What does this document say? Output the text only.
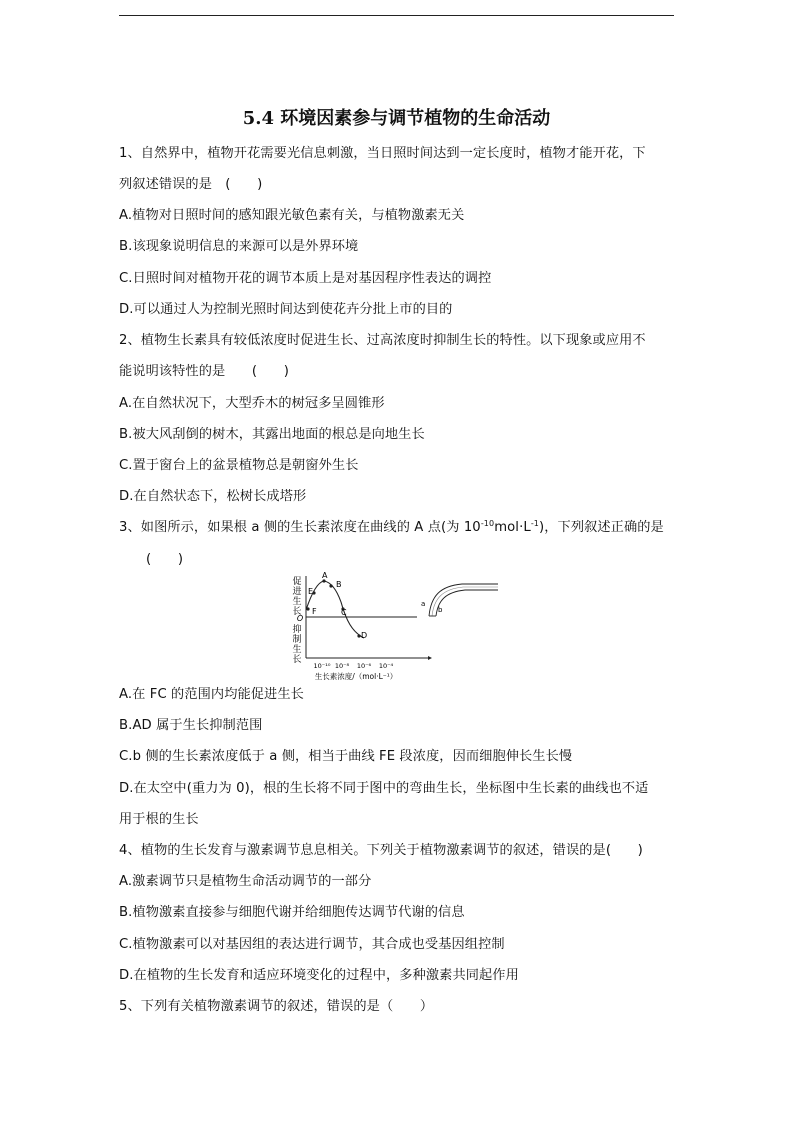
5.4 环境因素参与调节植物的生命活动
1、自然界中，植物开花需要光信息刺激，当日照时间达到一定长度时，植物才能开花，下
列叙述错误的是　(　　)
A.植物对日照时间的感知跟光敏色素有关，与植物激素无关
B.该现象说明信息的来源可以是外界环境
C.日照时间对植物开花的调节本质上是对基因程序性表达的调控
D.可以通过人为控制光照时间达到使花卉分批上市的目的
2、植物生长素具有较低浓度时促进生长、过高浓度时抑制生长的特性。以下现象或应用不
能说明该特性的是　　(　　)
A.在自然状况下，大型乔木的树冠多呈圆锥形
B.被大风刮倒的树木，其露出地面的根总是向地生长
C.置于窗台上的盆景植物总是朝窗外生长
D.在自然状态下，松树长成塔形
3、如图所示，如果根 a 侧的生长素浓度在曲线的 A 点(为 $10^{-10}mol\cdot L^{-1}$)，下列叙述正确的是
(　　)
促
进
生
长
抑
制
生
长
O
A
B
C
D
E
F
10⁻¹⁰ 10⁻⁸ 10⁻⁶ 10⁻⁴
生长素浓度/（mol·L⁻¹）
a
b
A.在 FC 的范围内均能促进生长
B.AD 属于生长抑制范围
C.b 侧的生长素浓度低于 a 侧，相当于曲线 FE 段浓度，因而细胞伸长生长慢
D.在太空中(重力为 0)，根的生长将不同于图中的弯曲生长，坐标图中生长素的曲线也不适
用于根的生长
4、植物的生长发育与激素调节息息相关。下列关于植物激素调节的叙述，错误的是(　　)
A.激素调节只是植物生命活动调节的一部分
B.植物激素直接参与细胞代谢并给细胞传达调节代谢的信息
C.植物激素可以对基因组的表达进行调节，其合成也受基因组控制
D.在植物的生长发育和适应环境变化的过程中，多种激素共同起作用
5、下列有关植物激素调节的叙述，错误的是（　　）
